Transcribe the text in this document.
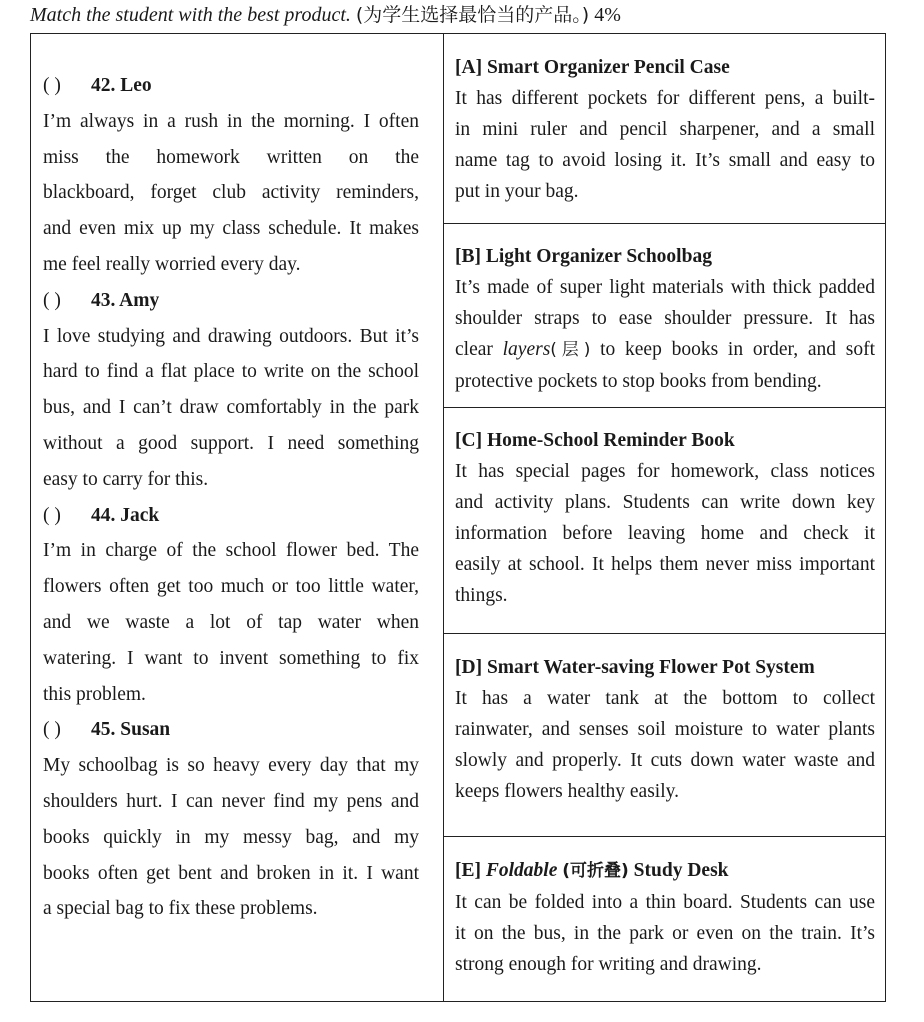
Match the student with the best product. (为学生选择最恰当的产品。) 4%

( ) 42. Leo

I’m always in a rush in the morning. I often

miss the homework written on the

blackboard, forget club activity reminders,

and even mix up my class schedule. It makes

me feel really worried every day.

( ) 43. Amy

I love studying and drawing outdoors. But it’s

hard to find a flat place to write on the school

bus, and I can’t draw comfortably in the park

without a good support. I need something

easy to carry for this.

( ) 44. Jack

I’m in charge of the school flower bed. The

flowers often get too much or too little water,

and we waste a lot of tap water when

watering. I want to invent something to fix

this problem.

( ) 45. Susan

My schoolbag is so heavy every day that my

shoulders hurt. I can never find my pens and

books quickly in my messy bag, and my

books often get bent and broken in it. I want

a special bag to fix these problems.

[A] Smart Organizer Pencil Case
It has different pockets for different pens, a built-
in mini ruler and pencil sharpener, and a small
name tag to avoid losing it. It’s small and easy to
put in your bag.
[B] Light Organizer Schoolbag
It’s made of super light materials with thick padded
shoulder straps to ease shoulder pressure. It has
clear layers(层) to keep books in order, and soft
protective pockets to stop books from bending.
[C] Home-School Reminder Book
It has special pages for homework, class notices
and activity plans. Students can write down key
information before leaving home and check it
easily at school. It helps them never miss important
things.
[D] Smart Water-saving Flower Pot System
It has a water tank at the bottom to collect
rainwater, and senses soil moisture to water plants
slowly and properly. It cuts down water waste and
keeps flowers healthy easily.
[E] Foldable (可折叠) Study Desk
It can be folded into a thin board. Students can use
it on the bus, in the park or even on the train. It’s
strong enough for writing and drawing.
